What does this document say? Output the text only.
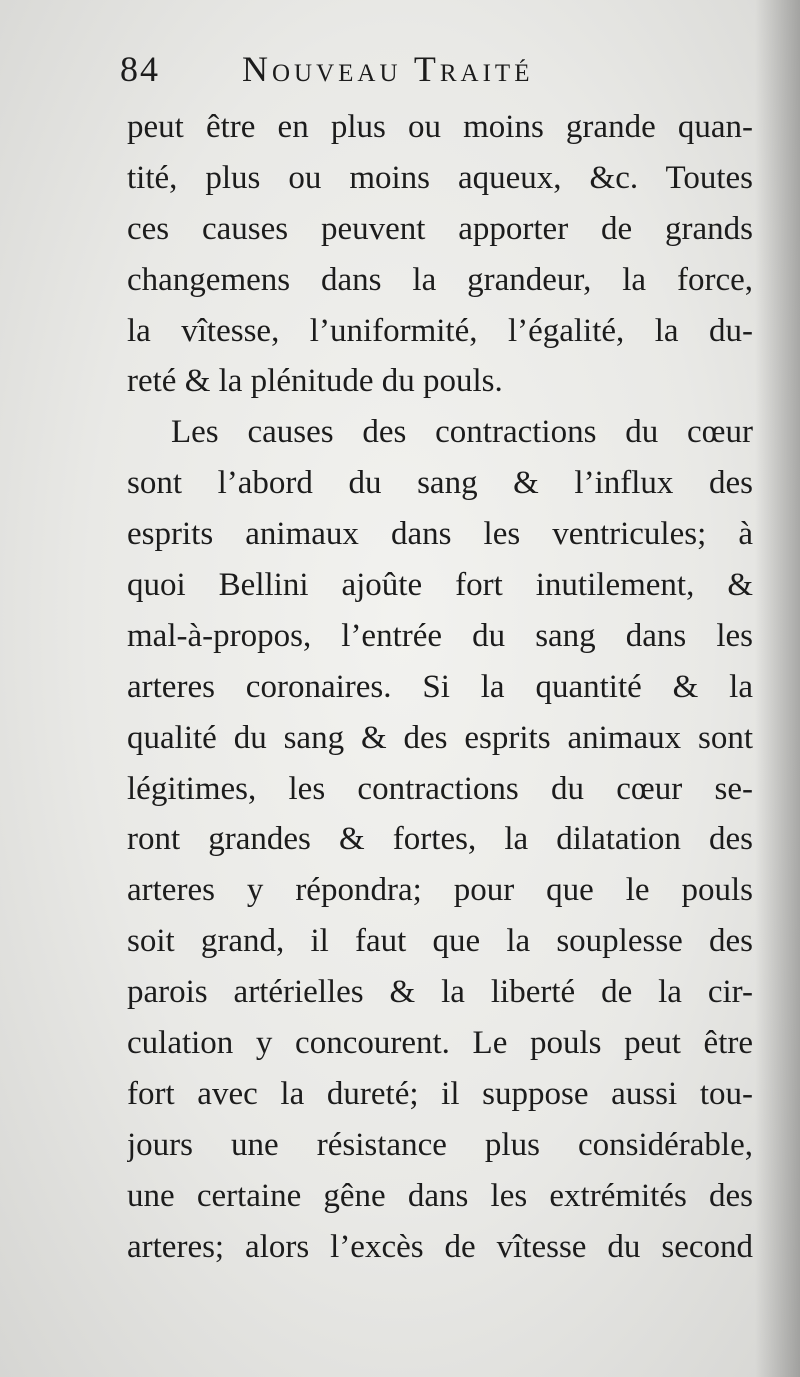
84 Nouveau Traité
peut être en plus ou moins grande quan-
tité, plus ou moins aqueux, &c. Toutes
ces causes peuvent apporter de grands
changemens dans la grandeur, la force,
la vîtesse, l’uniformité, l’égalité, la du-
reté & la plénitude du pouls.
Les causes des contractions du cœur
sont l’abord du sang & l’influx des
esprits animaux dans les ventricules; à
quoi Bellini ajoûte fort inutilement, &
mal-à-propos, l’entrée du sang dans les
arteres coronaires. Si la quantité & la
qualité du sang & des esprits animaux sont
légitimes, les contractions du cœur se-
ront grandes & fortes, la dilatation des
arteres y répondra; pour que le pouls
soit grand, il faut que la souplesse des
parois artérielles & la liberté de la cir-
culation y concourent. Le pouls peut être
fort avec la dureté; il suppose aussi tou-
jours une résistance plus considérable,
une certaine gêne dans les extrémités des
arteres; alors l’excès de vîtesse du second
